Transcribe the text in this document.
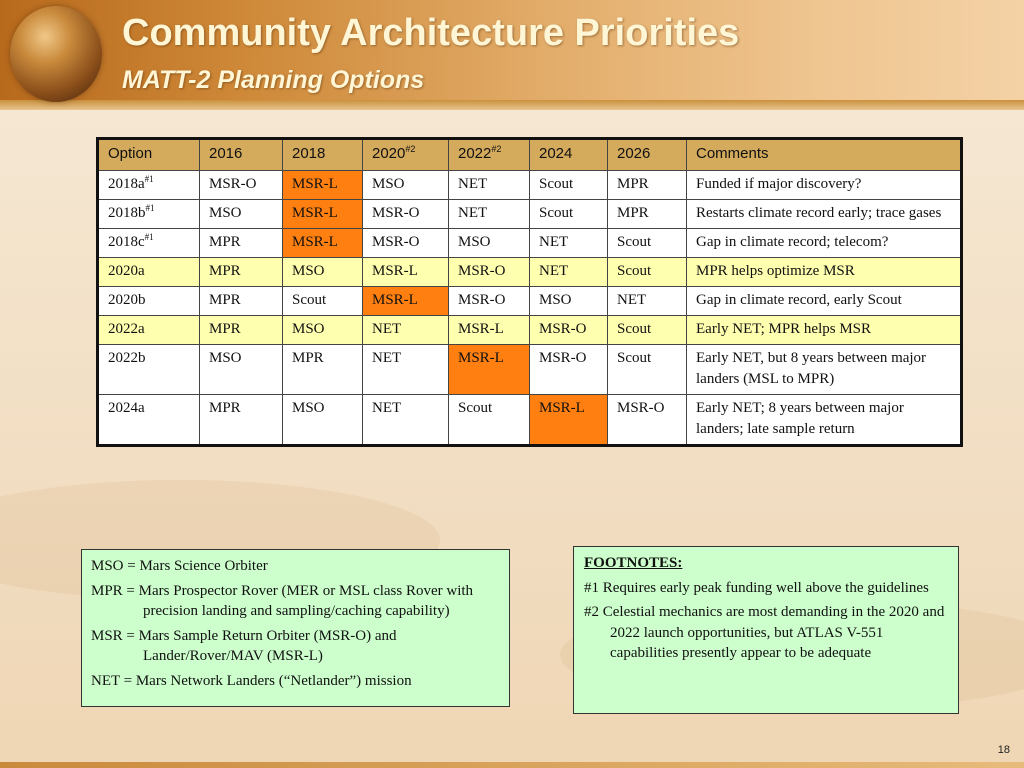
Community Architecture Priorities
MATT-2 Planning Options
Option	2016	2018	2020$^{\#2}$	2022$^{\#2}$	2024	2026	Comments
$2018a^{\#1}$	MSR-O	MSR-L	MSO	NET	Scout	MPR	Funded if major discovery?
$2018b^{\#1}$	MSO	MSR-L	MSR-O	NET	Scout	MPR	Restarts climate record early; trace gases
$2018c^{\#1}$	MPR	MSR-L	MSR-O	MSO	NET	Scout	Gap in climate record; telecom?
2020a	MPR	MSO	MSR-L	MSR-O	NET	Scout	MPR helps optimize MSR
2020b	MPR	Scout	MSR-L	MSR-O	MSO	NET	Gap in climate record, early Scout
2022a	MPR	MSO	NET	MSR-L	MSR-O	Scout	Early NET; MPR helps MSR
2022b	MSO	MPR	NET	MSR-L	MSR-O	Scout	Early NET, but 8 years between major landers (MSL to MPR)
2024a	MPR	MSO	NET	Scout	MSR-L	MSR-O	Early NET; 8 years between major landers; late sample return

MSO = Mars Science Orbiter

MPR = Mars Prospector Rover (MER or MSL class Rover with precision landing and sampling/caching capability)

MSR = Mars Sample Return Orbiter (MSR-O) and Lander/Rover/MAV (MSR-L)

NET = Mars Network Landers (“Netlander”) mission

FOOTNOTES:

#1 Requires early peak funding well above the guidelines

#2 Celestial mechanics are most demanding in the 2020 and 2022 launch opportunities, but ATLAS V-551 capabilities presently appear to be adequate

18
